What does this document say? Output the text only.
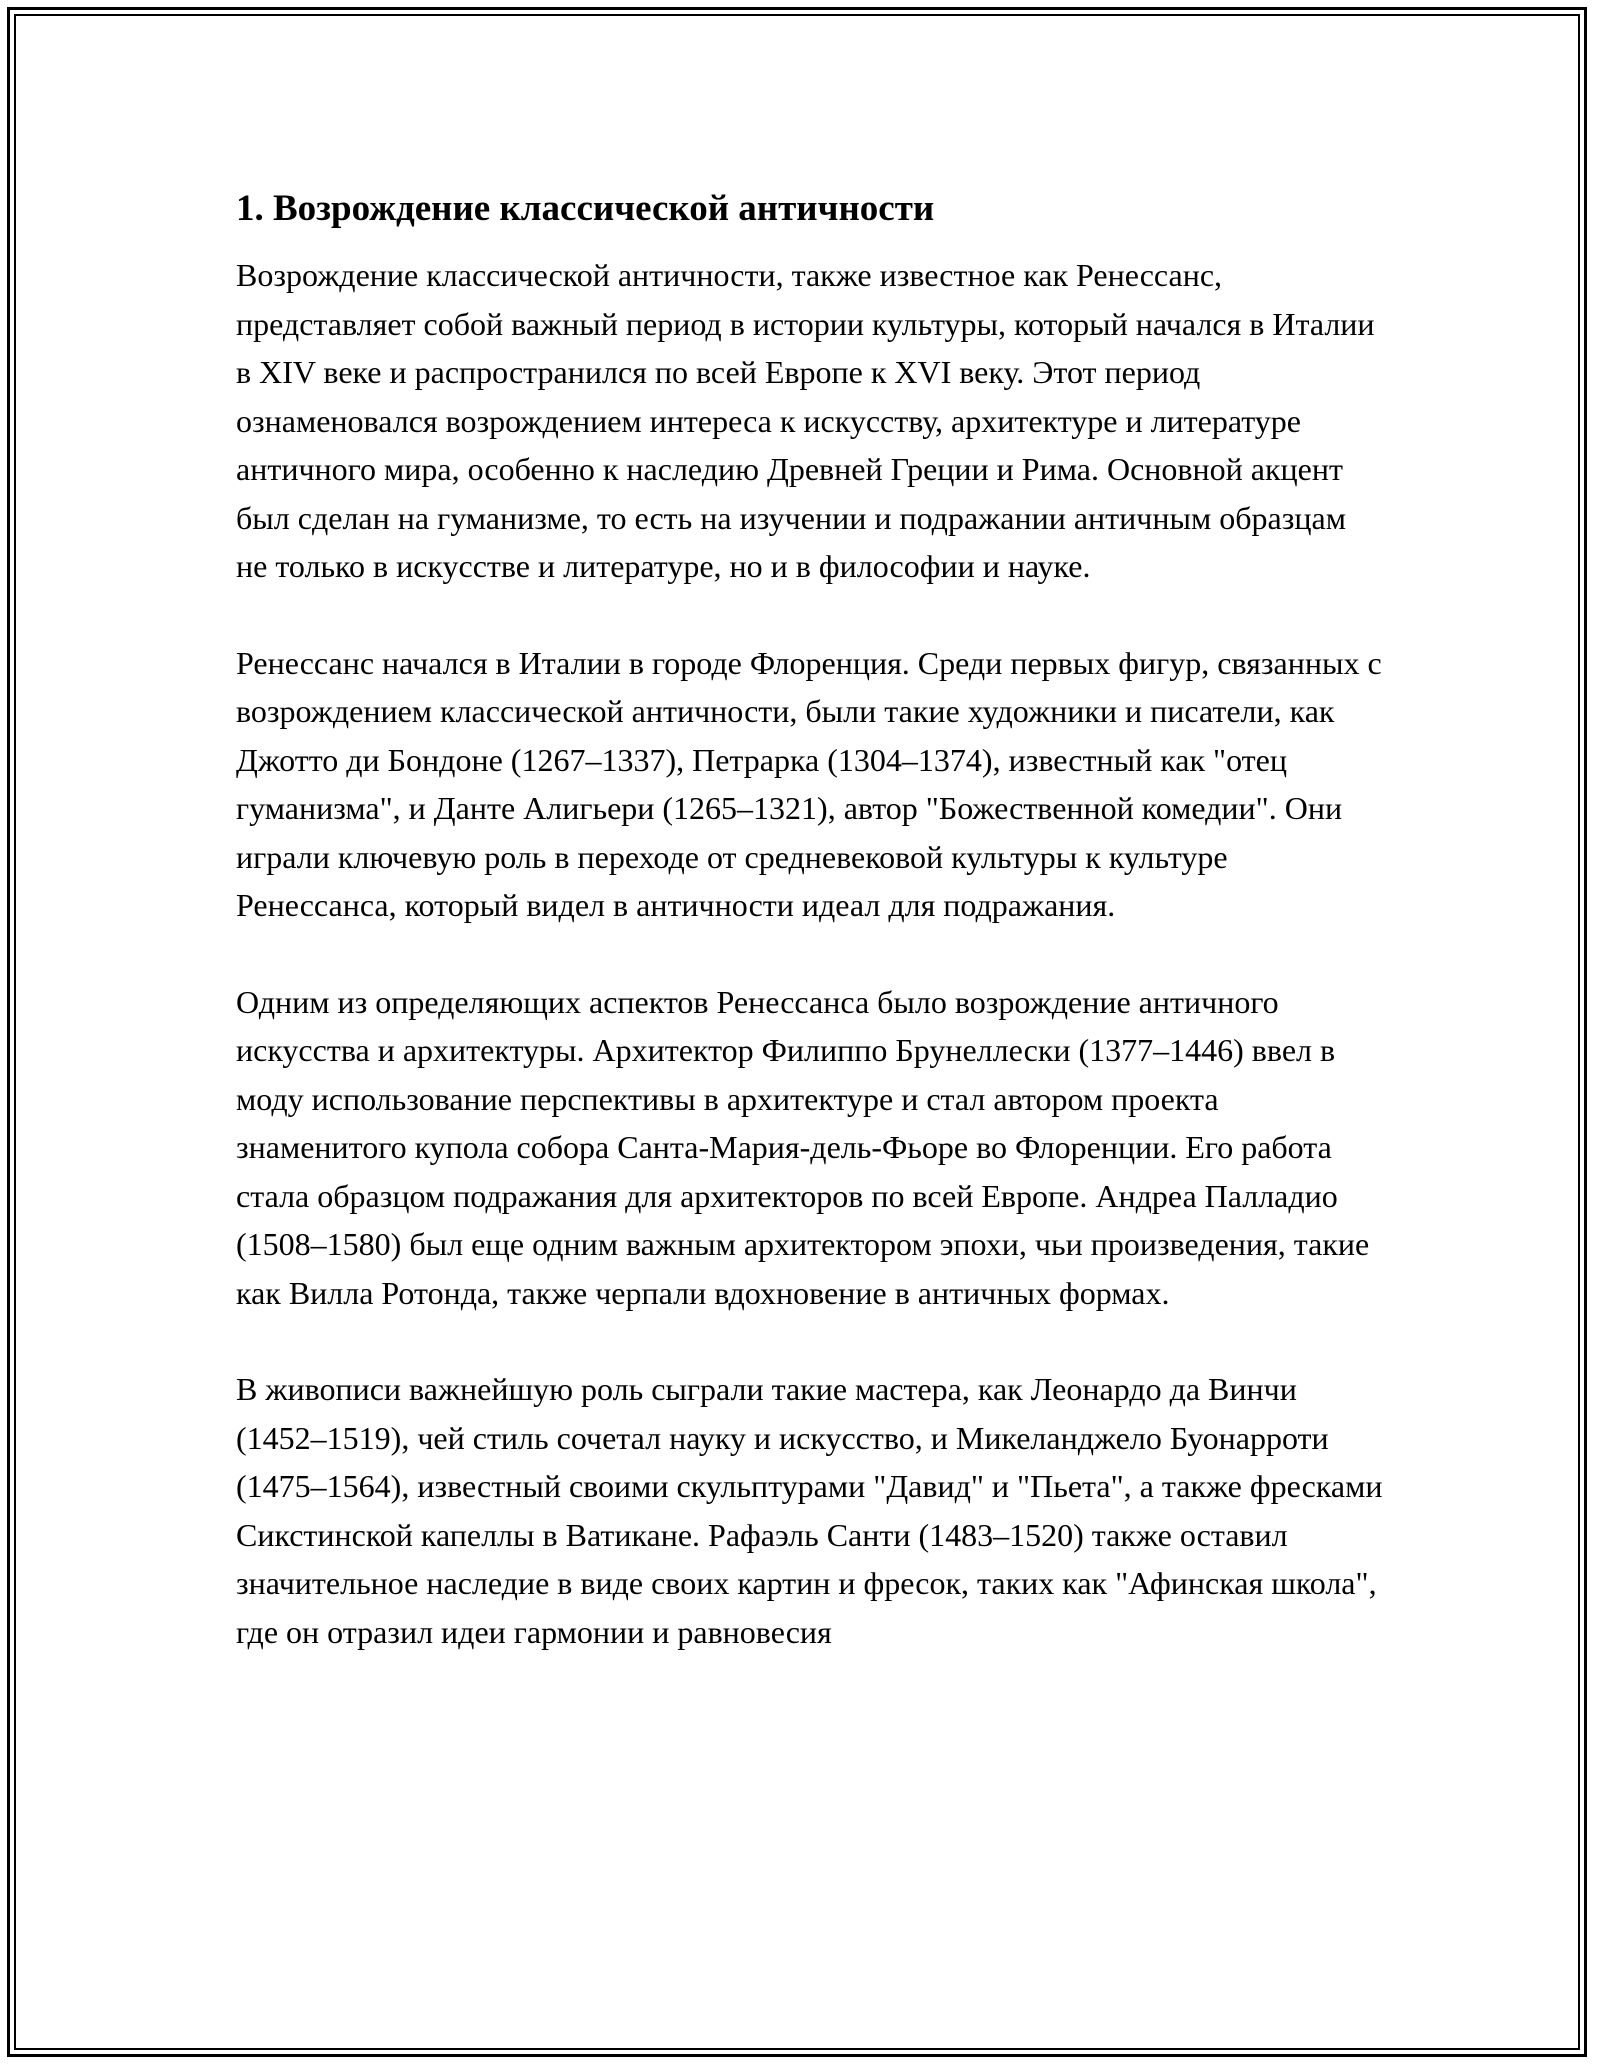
1. Возрождение классической античности

Возрождение классической античности, также известное как Ренессанс, представляет собой важный период в истории культуры, который начался в Италии в XIV веке и распространился по всей Европе к XVI веку. Этот период ознаменовался возрождением интереса к искусству, архитектуре и литературе античного мира, особенно к наследию Древней Греции и Рима. Основной акцент был сделан на гуманизме, то есть на изучении и подражании античным образцам не только в искусстве и литературе, но и в философии и науке.

Ренессанс начался в Италии в городе Флоренция. Среди первых фигур, связанных с возрождением классической античности, были такие художники и писатели, как Джотто ди Бондоне (1267–1337), Петрарка (1304–1374), известный как "отец гуманизма", и Данте Алигьери (1265–1321), автор "Божественной комедии". Они играли ключевую роль в переходе от средневековой культуры к культуре Ренессанса, который видел в античности идеал для подражания.

Одним из определяющих аспектов Ренессанса было возрождение античного искусства и архитектуры. Архитектор Филиппо Брунеллески (1377–1446) ввел в моду использование перспективы в архитектуре и стал автором проекта знаменитого купола собора Санта-Мария-дель-Фьоре во Флоренции. Его работа стала образцом подражания для архитекторов по всей Европе. Андреа Палладио (1508–1580) был еще одним важным архитектором эпохи, чьи произведения, такие как Вилла Ротонда, также черпали вдохновение в античных формах.

В живописи важнейшую роль сыграли такие мастера, как Леонардо да Винчи (1452–1519), чей стиль сочетал науку и искусство, и Микеланджело Буонарроти (1475–1564), известный своими скульптурами "Давид" и "Пьета", а также фресками Сикстинской капеллы в Ватикане. Рафаэль Санти (1483–1520) также оставил значительное наследие в виде своих картин и фресок, таких как "Афинская школа", где он отразил идеи гармонии и равновесия
